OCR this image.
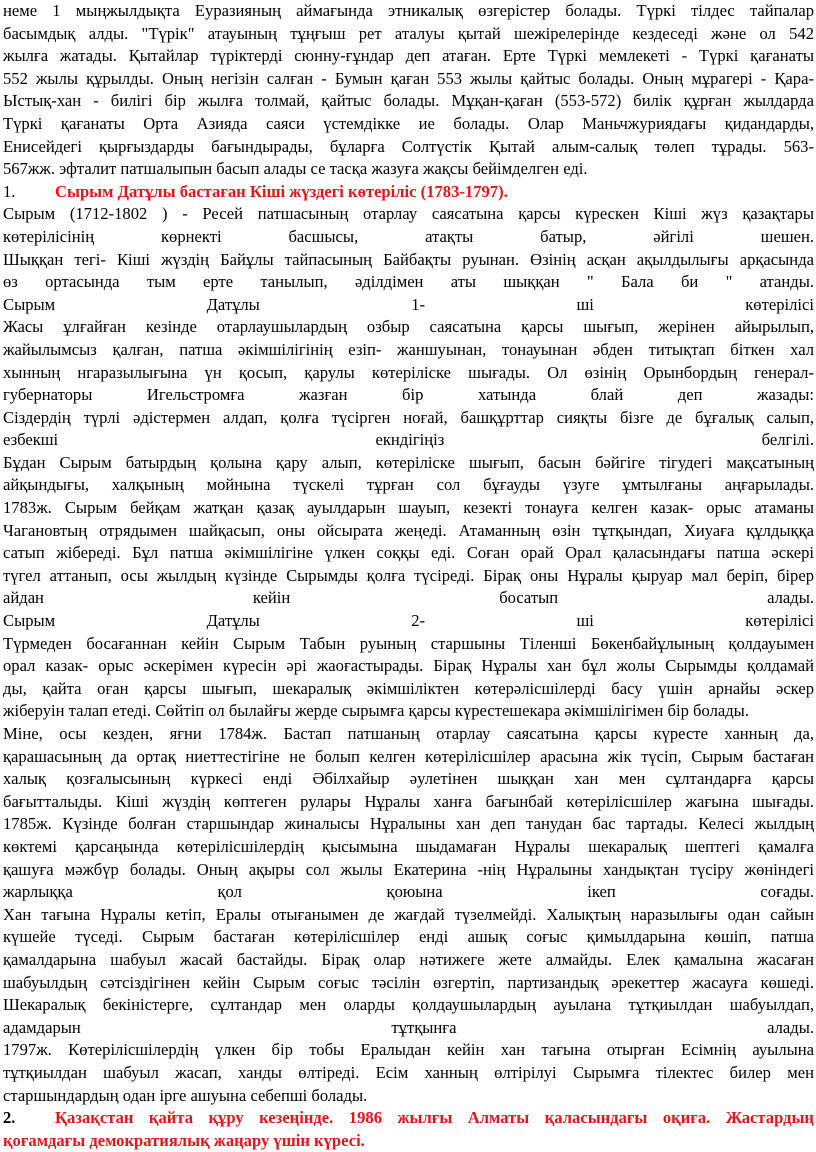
неме 1 мыңжылдықта Еуразияның аймағында этникалық өзгерістер болады. Түркі тілдес тайпалар
басымдық алды. "Түрік" атауының тұңғыш рет аталуы қытай шежірелерінде кездеседі және ол 542
жылға жатады. Қытайлар түріктерді сюнну-ғұндар деп атаған. Ерте Түркі мемлекеті - Түркі қағанаты
552 жылы құрылды. Оның негізін салған - Бумын қаған 553 жылы қайтыс болады. Оның мұрагері - Қара-
Ыстық-хан - билігі бір жылға толмай, қайтыс болады. Мұқан-қаған (553-572) билік құрған жылдарда
Түркі қағанаты Орта Азияда саяси үстемдікке ие болады. Олар Маньчжуриядағы қидандарды,
Енисейдегі қырғыздарды бағындырады, бұларға Солтүстік Қытай алым-салық төлеп тұрады. 563-
567жж. эфталит патшалыпын басып алады се тасқа жазуға жақсы бейімделген еді.
1. Сырым Датұлы бастаған Кіші жүздегі көтеріліс (1783-1797).
Сырым (1712-1802 ) - Ресей патшасының отарлау саясатына қарсы күрескен Кіші жүз қазақтары
көтерілісінің көрнекті басшысы, атақты батыр, әйгілі шешен.
Шыққан тегі- Кіші жүздің Байұлы тайпасының Байбақты руынан. Өзінің асқан ақылдылығы арқасында
өз ортасында тым ерте танылып, әділдімен аты шыққан " Бала би " атанды.
Сырым Датұлы 1- ші көтерілісі
Жасы ұлғайған кезінде отарлаушылардың озбыр саясатына қарсы шығып, жерінен айырылып,
жайылымсыз қалған, патша әкімшілігінің езіп- жаншуынан, тонауынан әбден титықтап біткен хал
хынның нгаразылығына үн қосып, қарулы көтеріліске шығады. Ол өзінің Орынбордың генерал-
губернаторы Игельстромға жазған бір хатында блай деп жазады:
Сіздердің түрлі әдістермен алдап, қолға түсірген ноғай, башқұрттар сияқты бізге де бұғалық салып,
езбекші екндігіңіз белгілі.
Бұдан Сырым батырдың қолына қару алып, көтеріліске шығып, басын бәйгіге тігудегі мақсатының
айқындығы, халқының мойнына түскелі тұрған сол бұғауды үзуге ұмтылғаны аңғарылады.
1783ж. Сырым бейқам жатқан қазақ ауылдарын шауып, кезекті тонауға келген казак- орыс атаманы
Чагановтың отрядымен шайқасып, оны ойсырата жеңеді. Атаманның өзін тұтқындап, Хиуаға құлдыққа
сатып жібереді. Бұл патша әкімшілігіне үлкен соққы еді. Соған орай Орал қаласындағы патша әскері
түгел аттанып, осы жылдың күзінде Сырымды қолға түсіреді. Бірақ оны Нұралы қыруар мал беріп, бірер
айдан кейін босатып алады.
Сырым Датұлы 2- ші көтерілісі
Түрмеден босағаннан кейін Сырым Табын руының старшыны Тіленші Бөкенбайұлының қолдауымен
орал казак- орыс әскерімен күресін әрі жаоғастырады. Бірақ Нұралы хан бұл жолы Сырымды қолдамай
ды, қайта оған қарсы шығып, шекаралық әкімшіліктен көтерәлісшілерді басу үшін арнайы әскер
жіберуін талап етеді. Сөйтіп ол былайғы жерде сырымға қарсы күрестешекара әкімшілігімен бір болады.
Міне, осы кезден, яғни 1784ж. Бастап патшаның отарлау саясатына қарсы күресте ханның да,
қарашасының да ортақ ниеттестігіне не болып келген көтерілісшілер арасына жік түсіп, Сырым бастаған
халық қозғалысының күркесі енді Әбілхайыр әулетінен шыққан хан мен сұлтандарға қарсы
бағытталыды. Кіші жүздің көптеген рулары Нұралы ханға бағынбай көтерілісшілер жағына шығады.
1785ж. Күзінде болған старшындар жиналысы Нұралыны хан деп танудан бас тартады. Келесі жылдың
көктемі қарсаңында көтерілісшілердің қысымына шыдамаған Нұралы шекаралық шептегі қамалға
қашуға мәжбүр болады. Оның ақыры сол жылы Екатерина -нің Нұралыны хандықтан түсіру жөніндегі
жарлыққа қол қоюына ікеп соғады.
Хан тағына Нұралы кетіп, Ералы отығанымен де жағдай түзелмейді. Халықтың наразылығы одан сайын
күшейе түседі. Сырым бастаған көтерілісшілер енді ашық соғыс қимылдарына көшіп, патша
қамалдарына шабуыл жасай бастайды. Бірақ олар нәтижеге жете алмайды. Елек қамалына жасаған
шабуылдың сәтсіздігінен кейін Сырым соғыс тәсілін өзгертіп, партизандық әрекеттер жасауға көшеді.
Шекаралық бекіністерге, сұлтандар мен оларды қолдаушылардың ауылана тұтқиылдан шабуылдап,
адамдарын тұтқынға алады.
1797ж. Көтерілісшілердің үлкен бір тобы Ералыдан кейін хан тағына отырған Есімнің ауылына
тұтқиылдан шабуыл жасап, ханды өлтіреді. Есім ханның өлтірілуі Сырымға тілектес билер мен
старшындардың одан ірге ашуына себепші болады.
2. Қазақстан қайта құру кезеңінде. 1986 жылғы Алматы қаласындағы оқиға. Жастардың
қоғамдағы демократиялық жаңару үшін күресі.
